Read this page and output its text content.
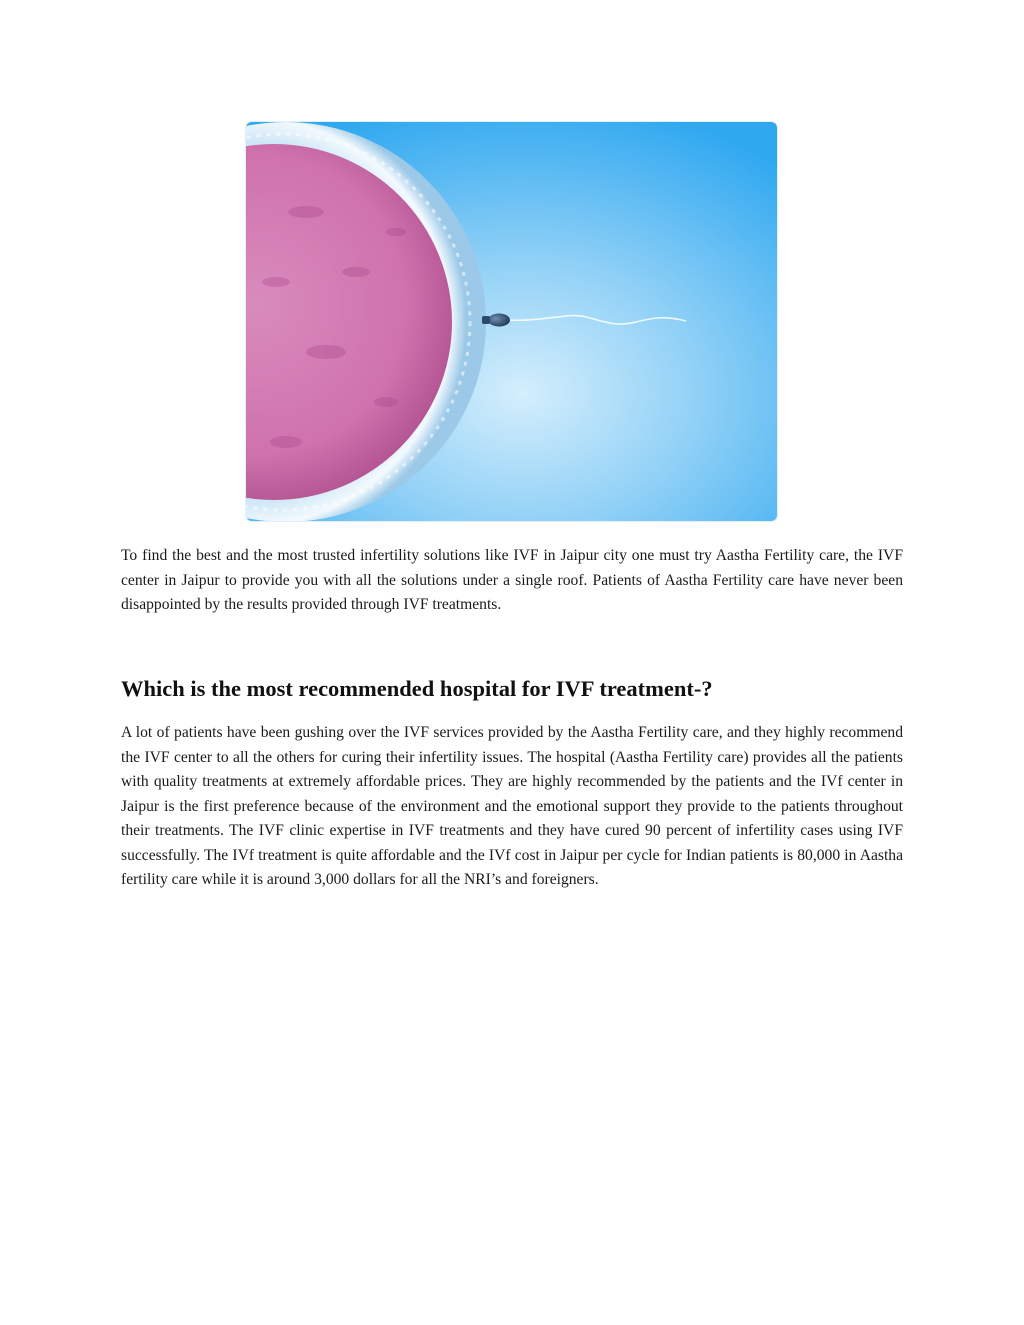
To find the best and the most trusted infertility solutions like IVF in Jaipur city one must try Aastha Fertility care, the IVF center in Jaipur to provide you with all the solutions under a single roof. Patients of Aastha Fertility care have never been disappointed by the results provided through IVF treatments.

Which is the most recommended hospital for IVF treatment-?

A lot of patients have been gushing over the IVF services provided by the Aastha Fertility care, and they highly recommend the IVF center to all the others for curing their infertility issues. The hospital (Aastha Fertility care) provides all the patients with quality treatments at extremely affordable prices. They are highly recommended by the patients and the IVf center in Jaipur is the first preference because of the environment and the emotional support they provide to the patients throughout their treatments. The IVF clinic expertise in IVF treatments and they have cured 90 percent of infertility cases using IVF successfully. The IVf treatment is quite affordable and the IVf cost in Jaipur per cycle for Indian patients is 80,000 in Aastha fertility care while it is around 3,000 dollars for all the NRI’s and foreigners.
